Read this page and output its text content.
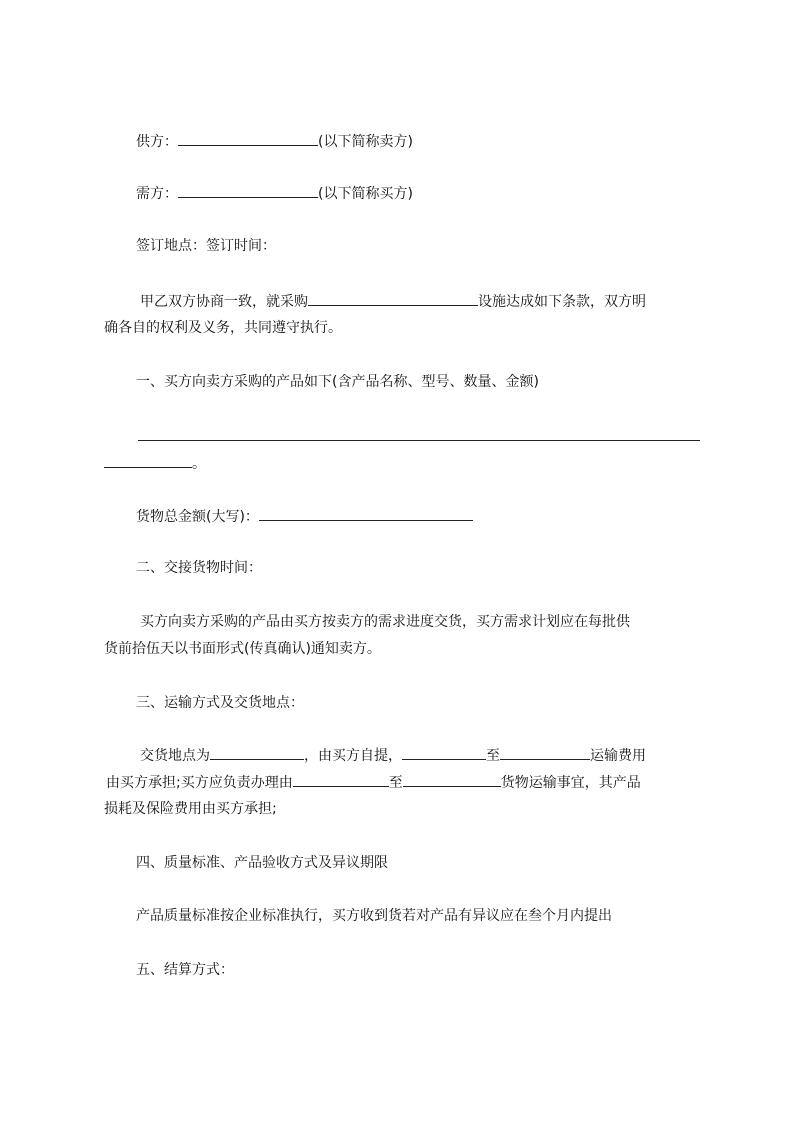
供方：	(以下简称卖方)
需方：	(以下简称买方)
签订地点：签订时间：
甲乙双方协商一致，就采购	设施达成如下条款，双方明
确各自的权利及义务，共同遵守执行。
一、买方向卖方采购的产品如下(含产品名称、型号、数量、金额)
。
货物总金额(大写)：
二、交接货物时间：
买方向卖方采购的产品由买方按卖方的需求进度交货，买方需求计划应在每批供
货前拾伍天以书面形式(传真确认)通知卖方。
三、运输方式及交货地点：
交货地点为	，由买方自提，	至	运输费用
由买方承担;买方应负责办理由	至	货物运输事宜，其产品
损耗及保险费用由买方承担;
四、质量标准、产品验收方式及异议期限
产品质量标准按企业标准执行，买方收到货若对产品有异议应在叁个月内提出
五、结算方式：
